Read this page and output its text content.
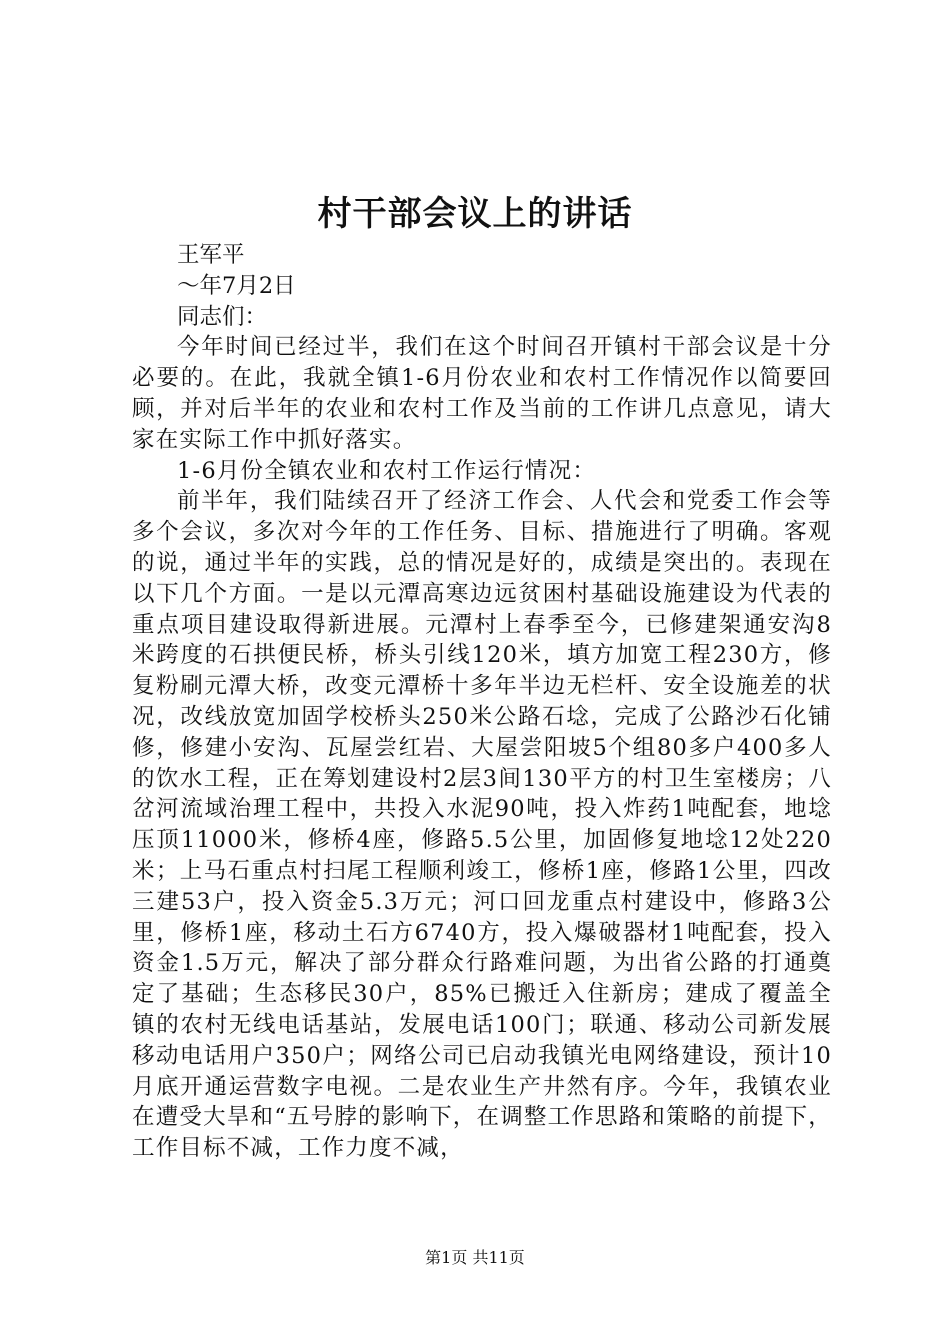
村干部会议上的讲话

王军平

～年7月2日

同志们：

今年时间已经过半，我们在这个时间召开镇村干部会议是十分必要的。在此，我就全镇1-6月份农业和农村工作情况作以简要回顾，并对后半年的农业和农村工作及当前的工作讲几点意见，请大家在实际工作中抓好落实。

1-6月份全镇农业和农村工作运行情况：

前半年，我们陆续召开了经济工作会、人代会和党委工作会等多个会议，多次对今年的工作任务、目标、措施进行了明确。客观的说，通过半年的实践，总的情况是好的，成绩是突出的。表现在以下几个方面。一是以元潭高寒边远贫困村基础设施建设为代表的重点项目建设取得新进展。元潭村上春季至今，已修建架通安沟8米跨度的石拱便民桥，桥头引线120米，填方加宽工程230方，修复粉刷元潭大桥，改变元潭桥十多年半边无栏杆、安全设施差的状况，改线放宽加固学校桥头250米公路石埝，完成了公路沙石化铺修，修建小安沟、瓦屋尝红岩、大屋尝阳坡5个组80多户400多人的饮水工程，正在筹划建设村2层3间130平方的村卫生室楼房；八岔河流域治理工程中，共投入水泥90吨，投入炸药1吨配套，地埝压顶11000米，修桥4座，修路5.5公里，加固修复地埝12处220米；上马石重点村扫尾工程顺利竣工，修桥1座，修路1公里，四改三建53户，投入资金5.3万元；河口回龙重点村建设中，修路3公里，修桥1座，移动土石方6740方，投入爆破器材1吨配套，投入资金1.5万元，解决了部分群众行路难问题，为出省公路的打通奠定了基础；生态移民30户，85%已搬迁入住新房；建成了覆盖全镇的农村无线电话基站，发展电话100门；联通、移动公司新发展移动电话用户350户；网络公司已启动我镇光电网络建设，预计10月底开通运营数字电视。二是农业生产井然有序。今年，我镇农业在遭受大旱和“五号脖的影响下，在调整工作思路和策略的前提下，工作目标不减，工作力度不减，

第1页 共11页
